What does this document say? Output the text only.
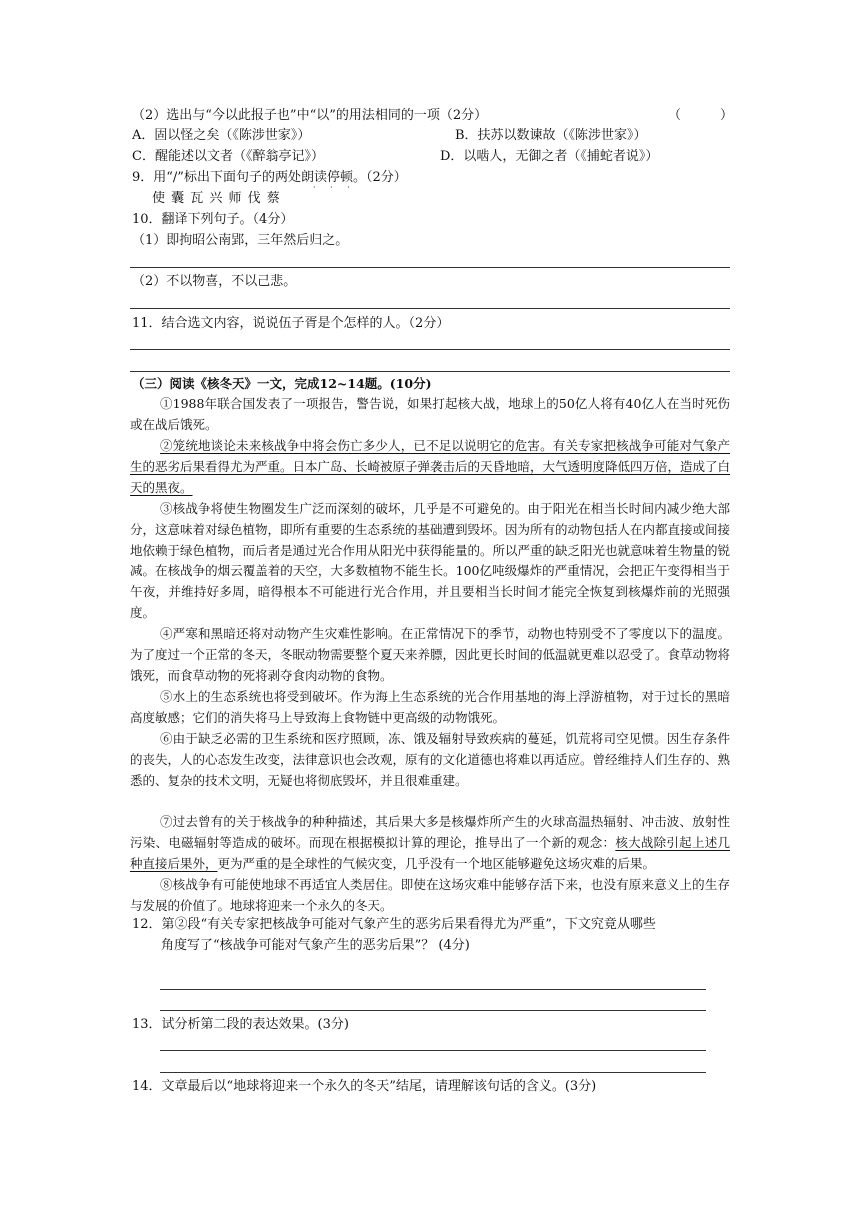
（2）选出与“今以此报子也”中“以”的用法相同的一项（2分）	（　　　）
A．固以怪之矣（《陈涉世家》）	B．扶苏以数谏故（《陈涉世家》）
C．醒能述以文者（《醉翁亭记》）	D．以啮人，无御之者（《捕蛇者说》）
9．用“/”标出下面句子的两处朗读停顿。（2分）
· · ·
使 囊 瓦 兴 师 伐 蔡
10．翻译下列句子。（4分）
（1）即拘昭公南郢，三年然后归之。
（2）不以物喜，不以己悲。
11．结合选文内容，说说伍子胥是个怎样的人。（2分）
（三）阅读《核冬天》一文，完成12~14题。(10分)
①1988年联合国发表了一项报告，警告说，如果打起核大战，地球上的50亿人将有40亿人在当时死伤或在战后饿死。
②笼统地谈论未来核战争中将会伤亡多少人，已不足以说明它的危害。有关专家把核战争可能对气象产生的恶劣后果看得尤为严重。日本广岛、长崎被原子弹袭击后的天昏地暗，大气透明度降低四万倍，造成了白天的黑夜。
③核战争将使生物圈发生广泛而深刻的破坏，几乎是不可避免的。由于阳光在相当长时间内减少绝大部分，这意味着对绿色植物，即所有重要的生态系统的基础遭到毁坏。因为所有的动物包括人在内都直接或间接地依赖于绿色植物，而后者是通过光合作用从阳光中获得能量的。所以严重的缺乏阳光也就意味着生物量的锐减。在核战争的烟云覆盖着的天空，大多数植物不能生长。100亿吨级爆炸的严重情况，会把正午变得相当于午夜，并维持好多周，暗得根本不可能进行光合作用，并且要相当长时间才能完全恢复到核爆炸前的光照强度。
④严寒和黑暗还将对动物产生灾难性影响。在正常情况下的季节，动物也特别受不了零度以下的温度。为了度过一个正常的冬天，冬眠动物需要整个夏天来养膘，因此更长时间的低温就更难以忍受了。食草动物将饿死，而食草动物的死将剥夺食肉动物的食物。
⑤水上的生态系统也将受到破坏。作为海上生态系统的光合作用基地的海上浮游植物，对于过长的黑暗高度敏感；它们的消失将马上导致海上食物链中更高级的动物饿死。
⑥由于缺乏必需的卫生系统和医疗照顾，冻、饿及辐射导致疾病的蔓延，饥荒将司空见惯。因生存条件的丧失，人的心态发生改变，法律意识也会改观，原有的文化道德也将难以再适应。曾经维持人们生存的、熟悉的、复杂的技术文明，无疑也将彻底毁坏，并且很难重建。
⑦过去曾有的关于核战争的种种描述，其后果大多是核爆炸所产生的火球高温热辐射、冲击波、放射性污染、电磁辐射等造成的破坏。而现在根据模拟计算的理论，推导出了一个新的观念：核大战除引起上述几种直接后果外，更为严重的是全球性的气候灾变，几乎没有一个地区能够避免这场灾难的后果。
⑧核战争有可能使地球不再适宜人类居住。即使在这场灾难中能够存活下来，也没有原来意义上的生存与发展的价值了。地球将迎来一个永久的冬天。
12．第②段“有关专家把核战争可能对气象产生的恶劣后果看得尤为严重”，下文究竟从哪些
角度写了“核战争可能对气象产生的恶劣后果”？ (4分)
13．试分析第二段的表达效果。(3分)
14．文章最后以“地球将迎来一个永久的冬天”结尾，请理解该句话的含义。(3分)
